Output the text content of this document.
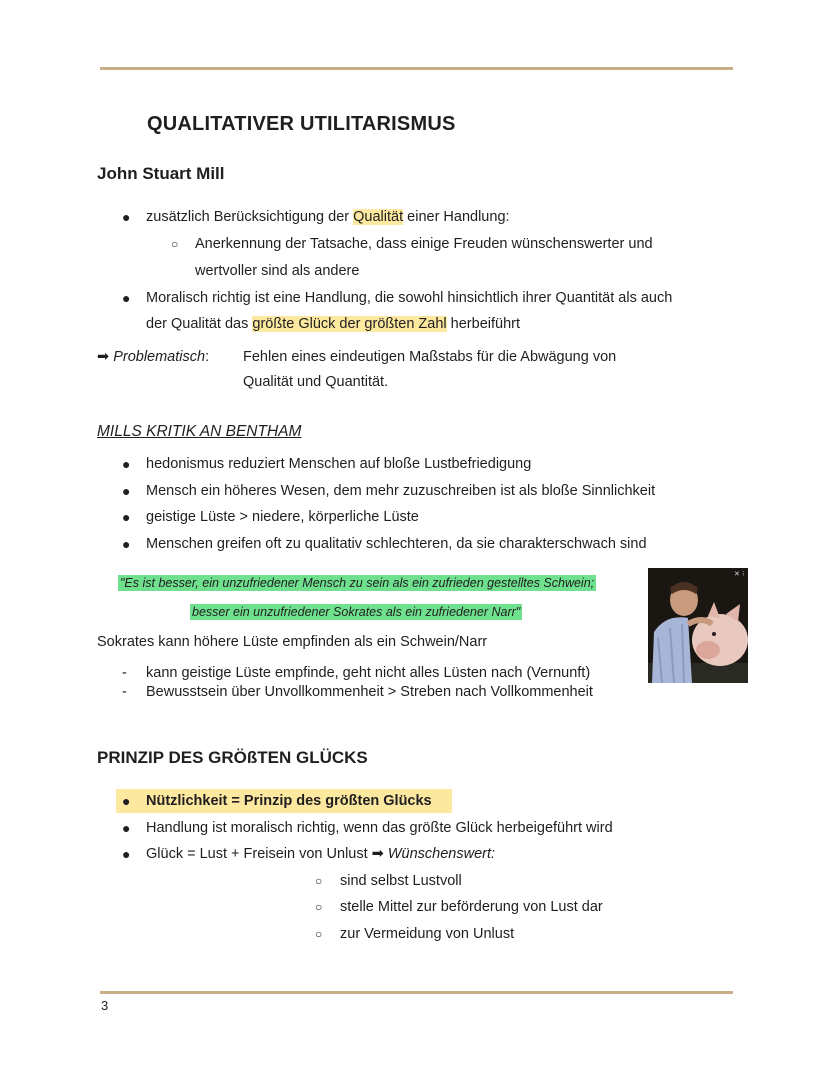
QUALITATIVER UTILITARISMUS
John Stuart Mill
● zusätzlich Berücksichtigung der Qualität einer Handlung:
○ Anerkennung der Tatsache, dass einige Freuden wünschenswerter und
wertvoller sind als andere
● Moralisch richtig ist eine Handlung, die sowohl hinsichtlich ihrer Quantität als auch
der Qualität das größte Glück der größten Zahl herbeiführt
➡ Problematisch: Fehlen eines eindeutigen Maßstabs für die Abwägung von
Qualität und Quantität.
MILLS KRITIK AN BENTHAM
● hedonismus reduziert Menschen auf bloße Lustbefriedigung
● Mensch ein höheres Wesen, dem mehr zuzuschreiben ist als bloße Sinnlichkeit
● geistige Lüste > niedere, körperliche Lüste
● Menschen greifen oft zu qualitativ schlechteren, da sie charakterschwach sind
"Es ist besser, ein unzufriedener Mensch zu sein als ein zufrieden gestelltes Schwein;
besser ein unzufriedener Sokrates als ein zufriedener Narr"
✕ ⁝
Sokrates kann höhere Lüste empfinden als ein Schwein/Narr
- kann geistige Lüste empfinde, geht nicht alles Lüsten nach (Vernunft)
- Bewusstsein über Unvollkommenheit > Streben nach Vollkommenheit
PRINZIP DES GRÖßTEN GLÜCKS
● Nützlichkeit = Prinzip des größten Glücks
● Handlung ist moralisch richtig, wenn das größte Glück herbeigeführt wird
● Glück = Lust + Freisein von Unlust ➡ Wünschenswert:
○ sind selbst Lustvoll
○ stelle Mittel zur beförderung von Lust dar
○ zur Vermeidung von Unlust
3
